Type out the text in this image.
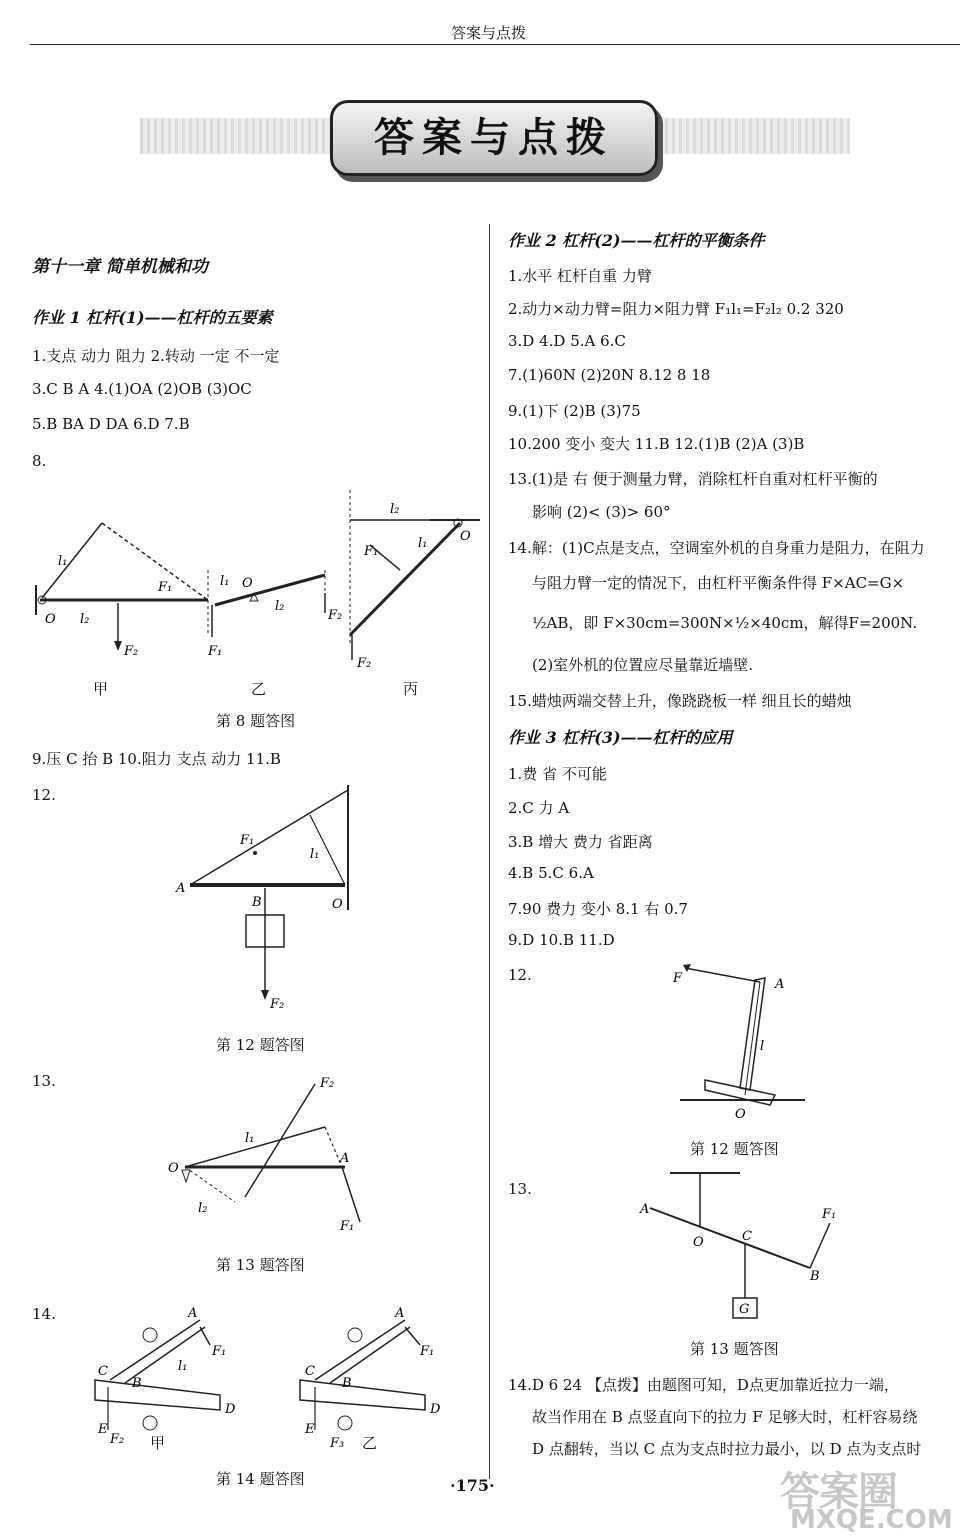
答案与点拨
答案与点拨
第十一章 简单机械和功
作业 1 杠杆(1)——杠杆的五要素
1.支点 动力 阻力 2.转动 一定 不一定
3.C B A 4.(1)OA (2)OB (3)OC
5.B BA D DA 6.D 7.B
8.
O
l₁
l₂
F₁
F₂
l₁ O
l₂
F₁
F₂
l₂
l₁	O
F₁
F₂
甲	乙	丙
第 8 题答图
9.压 C 抬 B 10.阻力 支点 动力 11.B
12.
A
B	O
F₁
l₁
F₂
第 12 题答图
13.
O
A
l₁
l₂
F₂
F₁
第 13 题答图
14.	A
F₁
l₁
C
B
D
E
F₂
A
F₁
C
B
D
E
F₃
甲	乙
第 14 题答图
作业 2 杠杆(2)——杠杆的平衡条件
1.水平 杠杆自重 力臂
2.动力×动力臂=阻力×阻力臂 F₁l₁=F₂l₂ 0.2 320
3.D 4.D 5.A 6.C
7.(1)60N (2)20N 8.12 8 18
9.(1)下 (2)B (3)75
10.200 变小 变大 11.B 12.(1)B (2)A (3)B
13.(1)是 右 便于测量力臂，消除杠杆自重对杠杆平衡的
影响 (2)< (3)> 60°
14.解：(1)C点是支点，空调室外机的自身重力是阻力，在阻力
与阻力臂一定的情况下，由杠杆平衡条件得 F×AC=G×
½AB，即 F×30cm=300N×½×40cm，解得F=200N.
(2)室外机的位置应尽量靠近墙壁.
15.蜡烛两端交替上升，像跷跷板一样 细且长的蜡烛
作业 3 杠杆(3)——杠杆的应用
1.费 省 不可能
2.C 力 A
3.B 增大 费力 省距离
4.B 5.C 6.A
7.90 费力 变小 8.1 右 0.7
9.D 10.B 11.D
12.	F	A
l
O
第 12 题答图
13.
A
O	C
B
F₁
G
第 13 题答图
14.D 6 24 【点拨】由题图可知，D点更加靠近拉力一端，
故当作用在 B 点竖直向下的拉力 F 足够大时，杠杆容易绕
D 点翻转，当以 C 点为支点时拉力最小，以 D 点为支点时
·175·	答案圈
MXQE.COM
